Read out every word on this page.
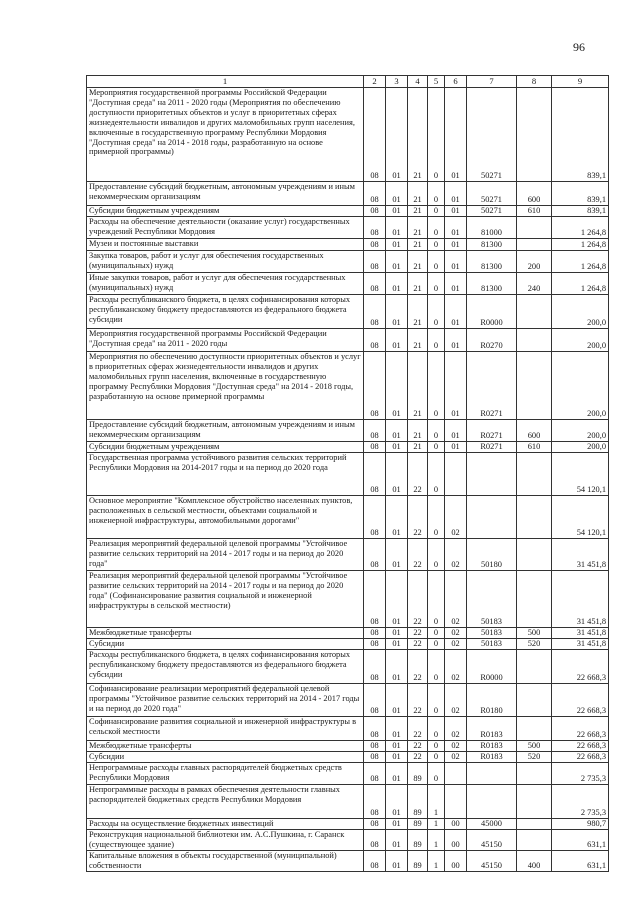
96
1	2	3	4	5	6	7	8	9
Мероприятия государственной программы Российской Федерации "Доступная среда" на 2011 - 2020 годы (Мероприятия по обеспечению доступности приоритетных объектов и услуг в приоритетных сферах жизнедеятельности инвалидов и других маломобильных групп населения, включенные в государственную программу Республики Мордовия "Доступная среда" на 2014 - 2018 годы, разработанную на основе примерной программы)	08	01	21	0	01	50271		839,1
Предоставление субсидий бюджетным, автономным учреждениям и иным некоммерческим организациям	08	01	21	0	01	50271	600	839,1
Субсидии бюджетным учреждениям	08	01	21	0	01	50271	610	839,1
Расходы на обеспечение деятельности (оказание услуг) государственных учреждений Республики Мордовия	08	01	21	0	01	81000		1 264,8
Музеи и постоянные выставки	08	01	21	0	01	81300		1 264,8
Закупка товаров, работ и услуг для обеспечения государственных (муниципальных) нужд	08	01	21	0	01	81300	200	1 264,8
Иные закупки товаров, работ и услуг для обеспечения государственных (муниципальных) нужд	08	01	21	0	01	81300	240	1 264,8
Расходы республиканского бюджета, в целях софинансирования которых республиканскому бюджету предоставляются из федерального бюджета субсидии	08	01	21	0	01	R0000		200,0
Мероприятия государственной программы Российской Федерации "Доступная среда" на 2011 - 2020 годы	08	01	21	0	01	R0270		200,0
Мероприятия по обеспечению доступности приоритетных объектов и услуг в приоритетных сферах жизнедеятельности инвалидов и других маломобильных групп населения, включенные в государственную программу Республики Мордовия "Доступная среда" на 2014 - 2018 годы, разработанную на основе примерной программы	08	01	21	0	01	R0271		200,0
Предоставление субсидий бюджетным, автономным учреждениям и иным некоммерческим организациям	08	01	21	0	01	R0271	600	200,0
Субсидии бюджетным учреждениям	08	01	21	0	01	R0271	610	200,0
Государственная программа устойчивого развития сельских территорий Республики Мордовия на 2014-2017 годы и на период до 2020 года	08	01	22	0				54 120,1
Основное мероприятие "Комплексное обустройство населенных пунктов, расположенных в сельской местности, объектами социальной и инженерной инфраструктуры, автомобильными дорогами"	08	01	22	0	02			54 120,1
Реализация мероприятий федеральной целевой программы "Устойчивое развитие сельских территорий на 2014 - 2017 годы и на период до 2020 года"	08	01	22	0	02	50180		31 451,8
Реализация мероприятий федеральной целевой программы "Устойчивое развитие сельских территорий на 2014 - 2017 годы и на период до 2020 года" (Софинансирование развития социальной и инженерной инфраструктуры в сельской местности)	08	01	22	0	02	50183		31 451,8
Межбюджетные трансферты	08	01	22	0	02	50183	500	31 451,8
Субсидии	08	01	22	0	02	50183	520	31 451,8
Расходы республиканского бюджета, в целях софинансирования которых республиканскому бюджету предоставляются из федерального бюджета субсидии	08	01	22	0	02	R0000		22 668,3
Софинансирование реализации мероприятий федеральной целевой программы "Устойчивое развитие сельских территорий на 2014 - 2017 годы и на период до 2020 года"	08	01	22	0	02	R0180		22 668,3
Софинансирование развития социальной и инженерной инфраструктуры в сельской местности	08	01	22	0	02	R0183		22 668,3
Межбюджетные трансферты	08	01	22	0	02	R0183	500	22 668,3
Субсидии	08	01	22	0	02	R0183	520	22 668,3
Непрограммные расходы главных распорядителей бюджетных средств Республики Мордовия	08	01	89	0				2 735,3
Непрограммные расходы в рамках обеспечения деятельности главных распорядителей бюджетных средств Республики Мордовия	08	01	89	1				2 735,3
Расходы на осуществление бюджетных инвестиций	08	01	89	1	00	45000		980,7
Реконструкция национальной библиотеки им. А.С.Пушкина, г. Саранск (существующее здание)	08	01	89	1	00	45150		631,1
Капитальные вложения в объекты государственной (муниципальной) собственности	08	01	89	1	00	45150	400	631,1
